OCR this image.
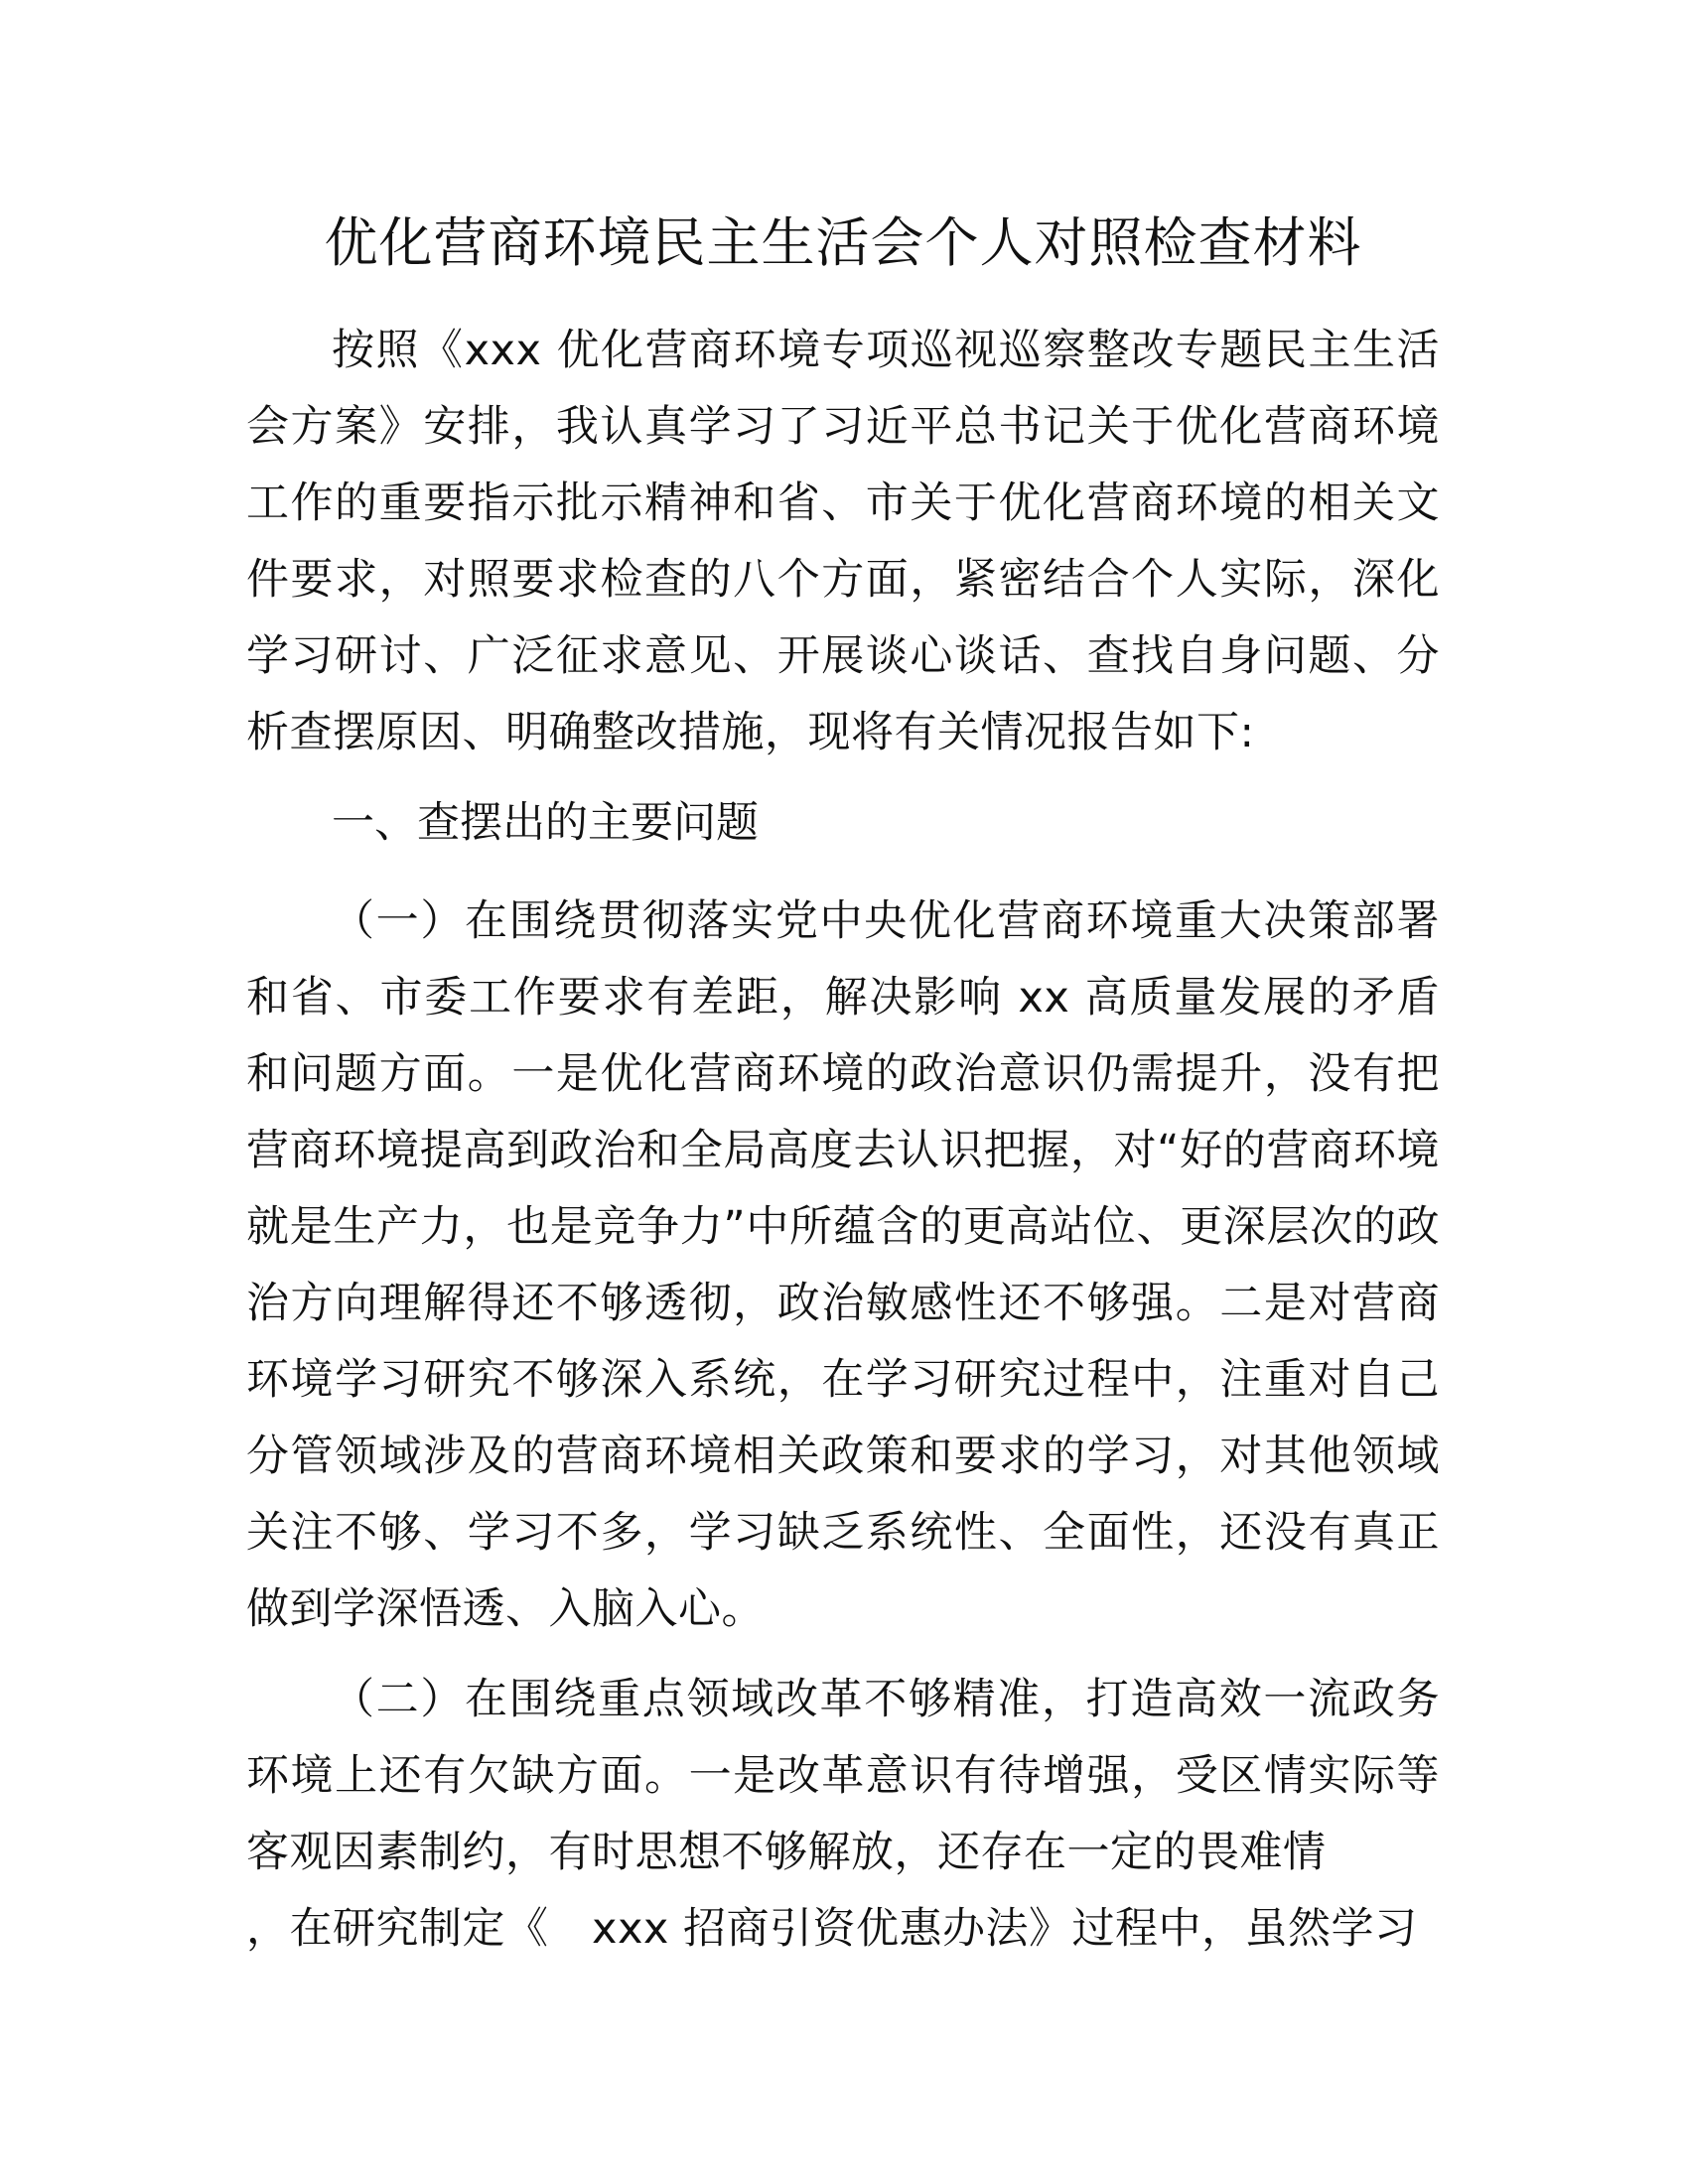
优化营商环境民主生活会个人对照检查材料

按照《xxx 优化营商环境专项巡视巡察整改专题民主生活会方案》安排，我认真学习了习近平总书记关于优化营商环境工作的重要指示批示精神和省、市关于优化营商环境的相关文件要求，对照要求检查的八个方面，紧密结合个人实际，深化学习研讨、广泛征求意见、开展谈心谈话、查找自身问题、分析查摆原因、明确整改措施，现将有关情况报告如下:

一、查摆出的主要问题

（一）在围绕贯彻落实党中央优化营商环境重大决策部署和省、市委工作要求有差距，解决影响 xx 高质量发展的矛盾和问题方面。一是优化营商环境的政治意识仍需提升，没有把营商环境提高到政治和全局高度去认识把握，对“好的营商环境就是生产力，也是竞争力”中所蕴含的更高站位、更深层次的政治方向理解得还不够透彻，政治敏感性还不够强。二是对营商环境学习研究不够深入系统，在学习研究过程中，注重对自己分管领域涉及的营商环境相关政策和要求的学习，对其他领域关注不够、学习不多，学习缺乏系统性、全面性，还没有真正做到学深悟透、入脑入心。

（二）在围绕重点领域改革不够精准，打造高效一流政务环境上还有欠缺方面。一是改革意识有待增强，受区情实际等客观因素制约，有时思想不够解放，还存在一定的畏难情
，在研究制定《　xxx 招商引资优惠办法》过程中，虽然学习
